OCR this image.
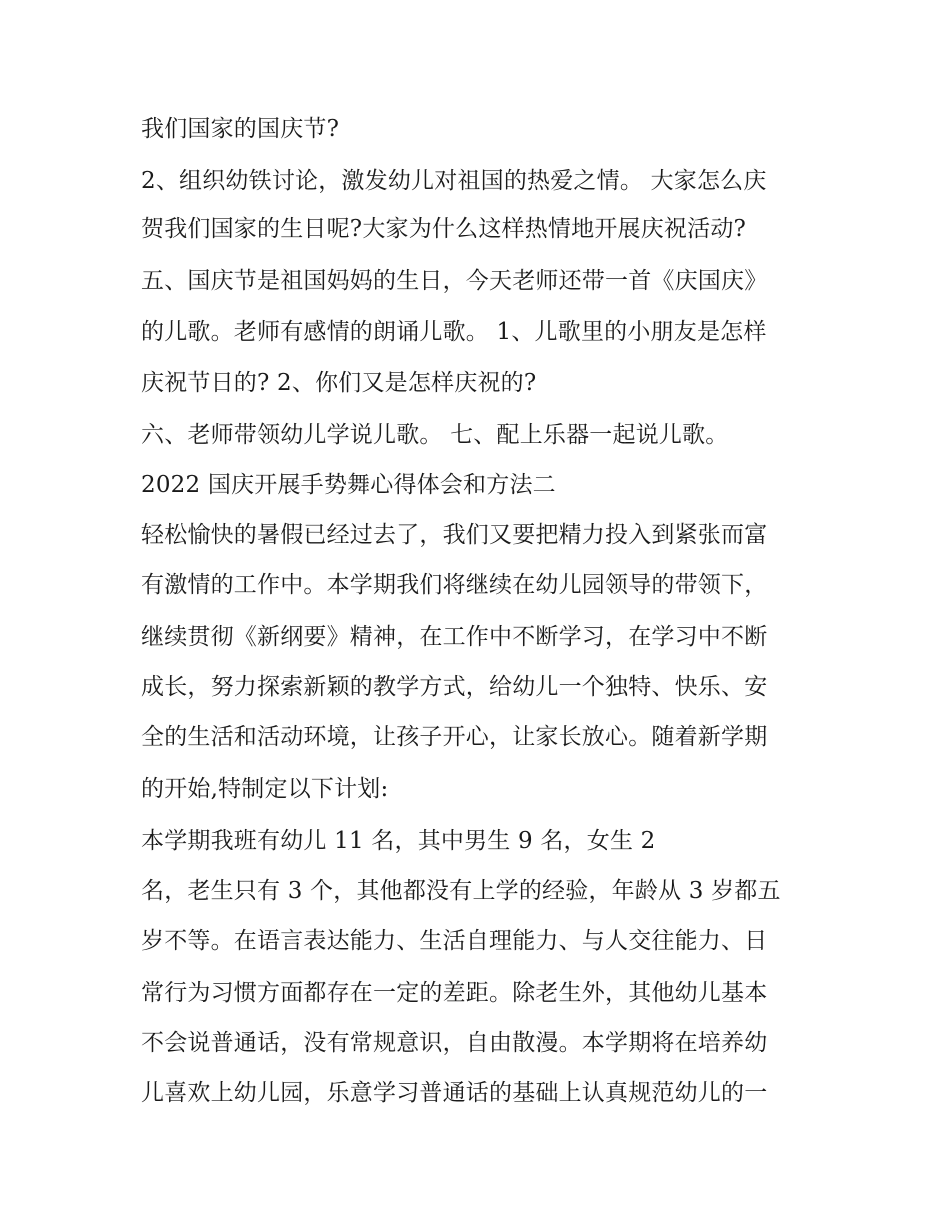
我们国家的国庆节?
2、组织幼铁讨论，激发幼儿对祖国的热爱之情。 大家怎么庆
贺我们国家的生日呢?大家为什么这样热情地开展庆祝活动?
五、国庆节是祖国妈妈的生日，今天老师还带一首《庆国庆》
的儿歌。老师有感情的朗诵儿歌。 1、儿歌里的小朋友是怎样
庆祝节日的? 2、你们又是怎样庆祝的?
六、老师带领幼儿学说儿歌。 七、配上乐器一起说儿歌。
2022 国庆开展手势舞心得体会和方法二
轻松愉快的暑假已经过去了，我们又要把精力投入到紧张而富
有激情的工作中。本学期我们将继续在幼儿园领导的带领下，
继续贯彻《新纲要》精神，在工作中不断学习，在学习中不断
成长，努力探索新颖的教学方式，给幼儿一个独特、快乐、安
全的生活和活动环境，让孩子开心，让家长放心。随着新学期
的开始,特制定以下计划:
本学期我班有幼儿 11 名，其中男生 9 名，女生 2
名，老生只有 3 个，其他都没有上学的经验，年龄从 3 岁都五
岁不等。在语言表达能力、生活自理能力、与人交往能力、日
常行为习惯方面都存在一定的差距。除老生外，其他幼儿基本
不会说普通话，没有常规意识，自由散漫。本学期将在培养幼
儿喜欢上幼儿园，乐意学习普通话的基础上认真规范幼儿的一
